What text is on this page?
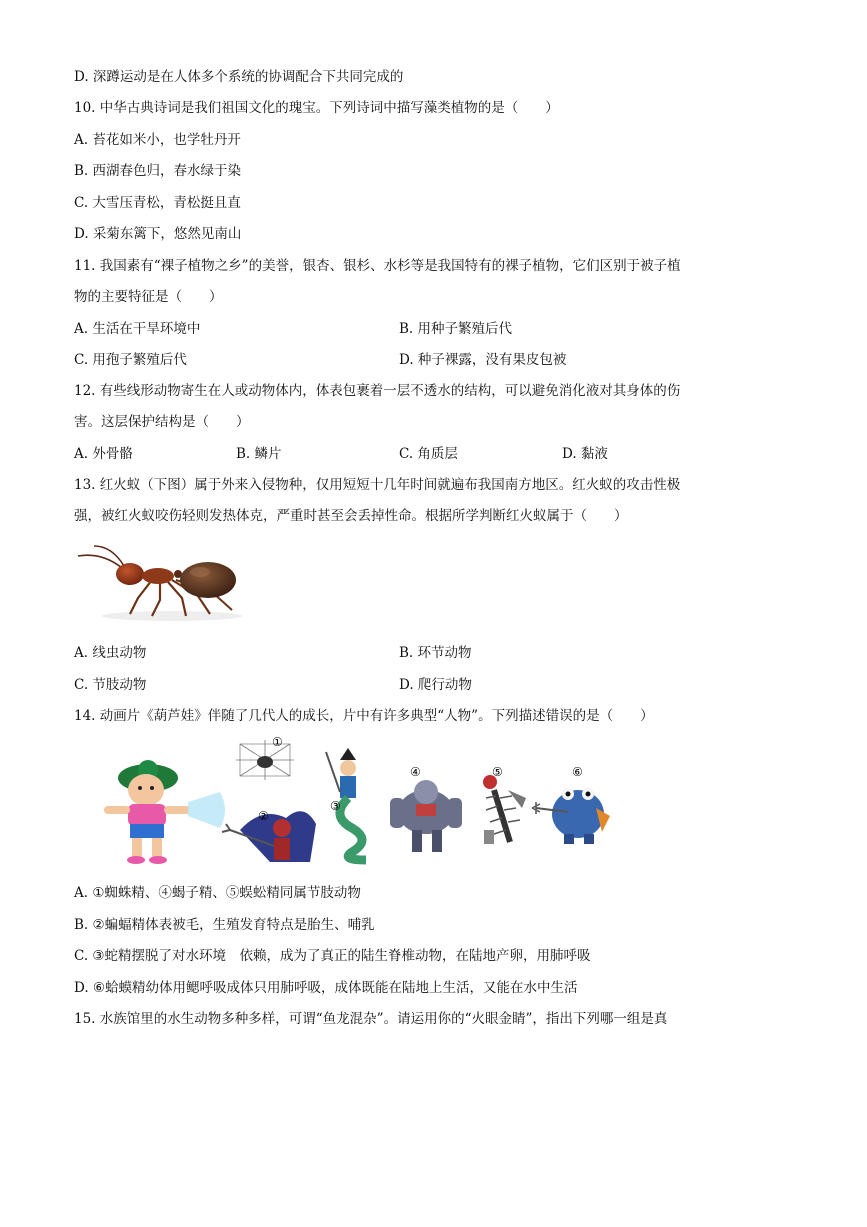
D. 深蹲运动是在人体多个系统的协调配合下共同完成的
10. 中华古典诗词是我们祖国文化的瑰宝。下列诗词中描写藻类植物的是（　　）
A. 苔花如米小，也学牡丹开
B. 西湖春色归，春水绿于染
C. 大雪压青松，青松挺且直
D. 采菊东篱下，悠然见南山
11. 我国素有“裸子植物之乡”的美誉，银杏、银杉、水杉等是我国特有的裸子植物，它们区别于被子植
物的主要特征是（　　）
A. 生活在干旱环境中	B. 用种子繁殖后代
C. 用孢子繁殖后代	D. 种子裸露，没有果皮包被
12. 有些线形动物寄生在人或动物体内，体表包裹着一层不透水的结构，可以避免消化液对其身体的伤
害。这层保护结构是（　　）
A. 外骨骼	B. 鳞片	C. 角质层	D. 黏液
13. 红火蚁（下图）属于外来入侵物种，仅用短短十几年时间就遍布我国南方地区。红火蚁的攻击性极
强，被红火蚁咬伤轻则发热体克，严重时甚至会丢掉性命。根据所学判断红火蚁属于（　　）
A. 线虫动物	B. 环节动物
C. 节肢动物	D. 爬行动物
14. 动画片《葫芦娃》伴随了几代人的成长，片中有许多典型“人物”。下列描述错误的是（　　）
①
②
③
④	⑤	⑥
A. ①蜘蛛精、④蝎子精、⑤蜈蚣精同属节肢动物
B. ②蝙蝠精体表被毛，生殖发育特点是胎生、哺乳
C. ③蛇精摆脱了对水环境　依赖，成为了真正的陆生脊椎动物，在陆地产卵，用肺呼吸
D. ⑥蛤蟆精幼体用鳃呼吸成体只用肺呼吸，成体既能在陆地上生活，又能在水中生活
15. 水族馆里的水生动物多种多样，可谓“鱼龙混杂”。请运用你的“火眼金睛”，指出下列哪一组是真
